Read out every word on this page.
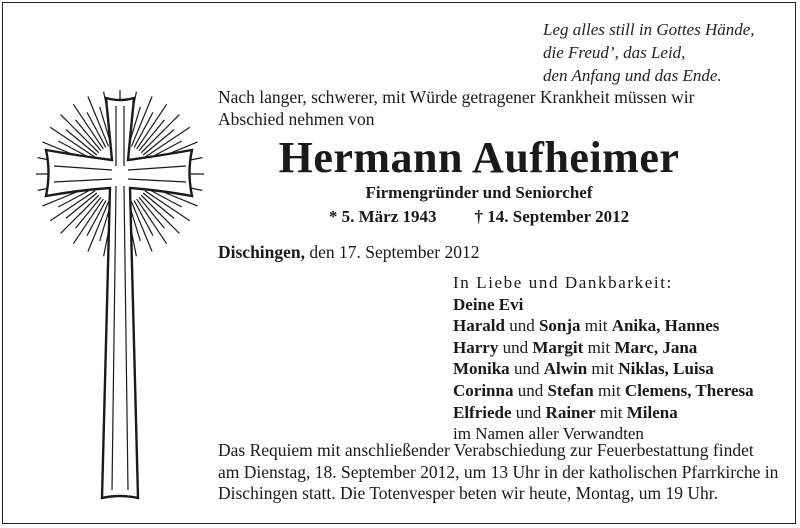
Leg alles still in Gottes Hände,
die Freud’, das Leid,
den Anfang und das Ende.
Nach langer, schwerer, mit Würde getragener Krankheit müssen wir
Abschied nehmen von
Hermann Aufheimer
Firmengründer und Seniorchef
* 5. März 1943 † 14. September 2012
Dischingen, den 17. September 2012
In Liebe und Dankbarkeit:
Deine Evi
Harald und Sonja mit Anika, Hannes
Harry und Margit mit Marc, Jana
Monika und Alwin mit Niklas, Luisa
Corinna und Stefan mit Clemens, Theresa
Elfriede und Rainer mit Milena
im Namen aller Verwandten
Das Requiem mit anschließender Verabschiedung zur Feuerbestattung findet
am Dienstag, 18. September 2012, um 13 Uhr in der katholischen Pfarrkirche in
Dischingen statt. Die Totenvesper beten wir heute, Montag, um 19 Uhr.
